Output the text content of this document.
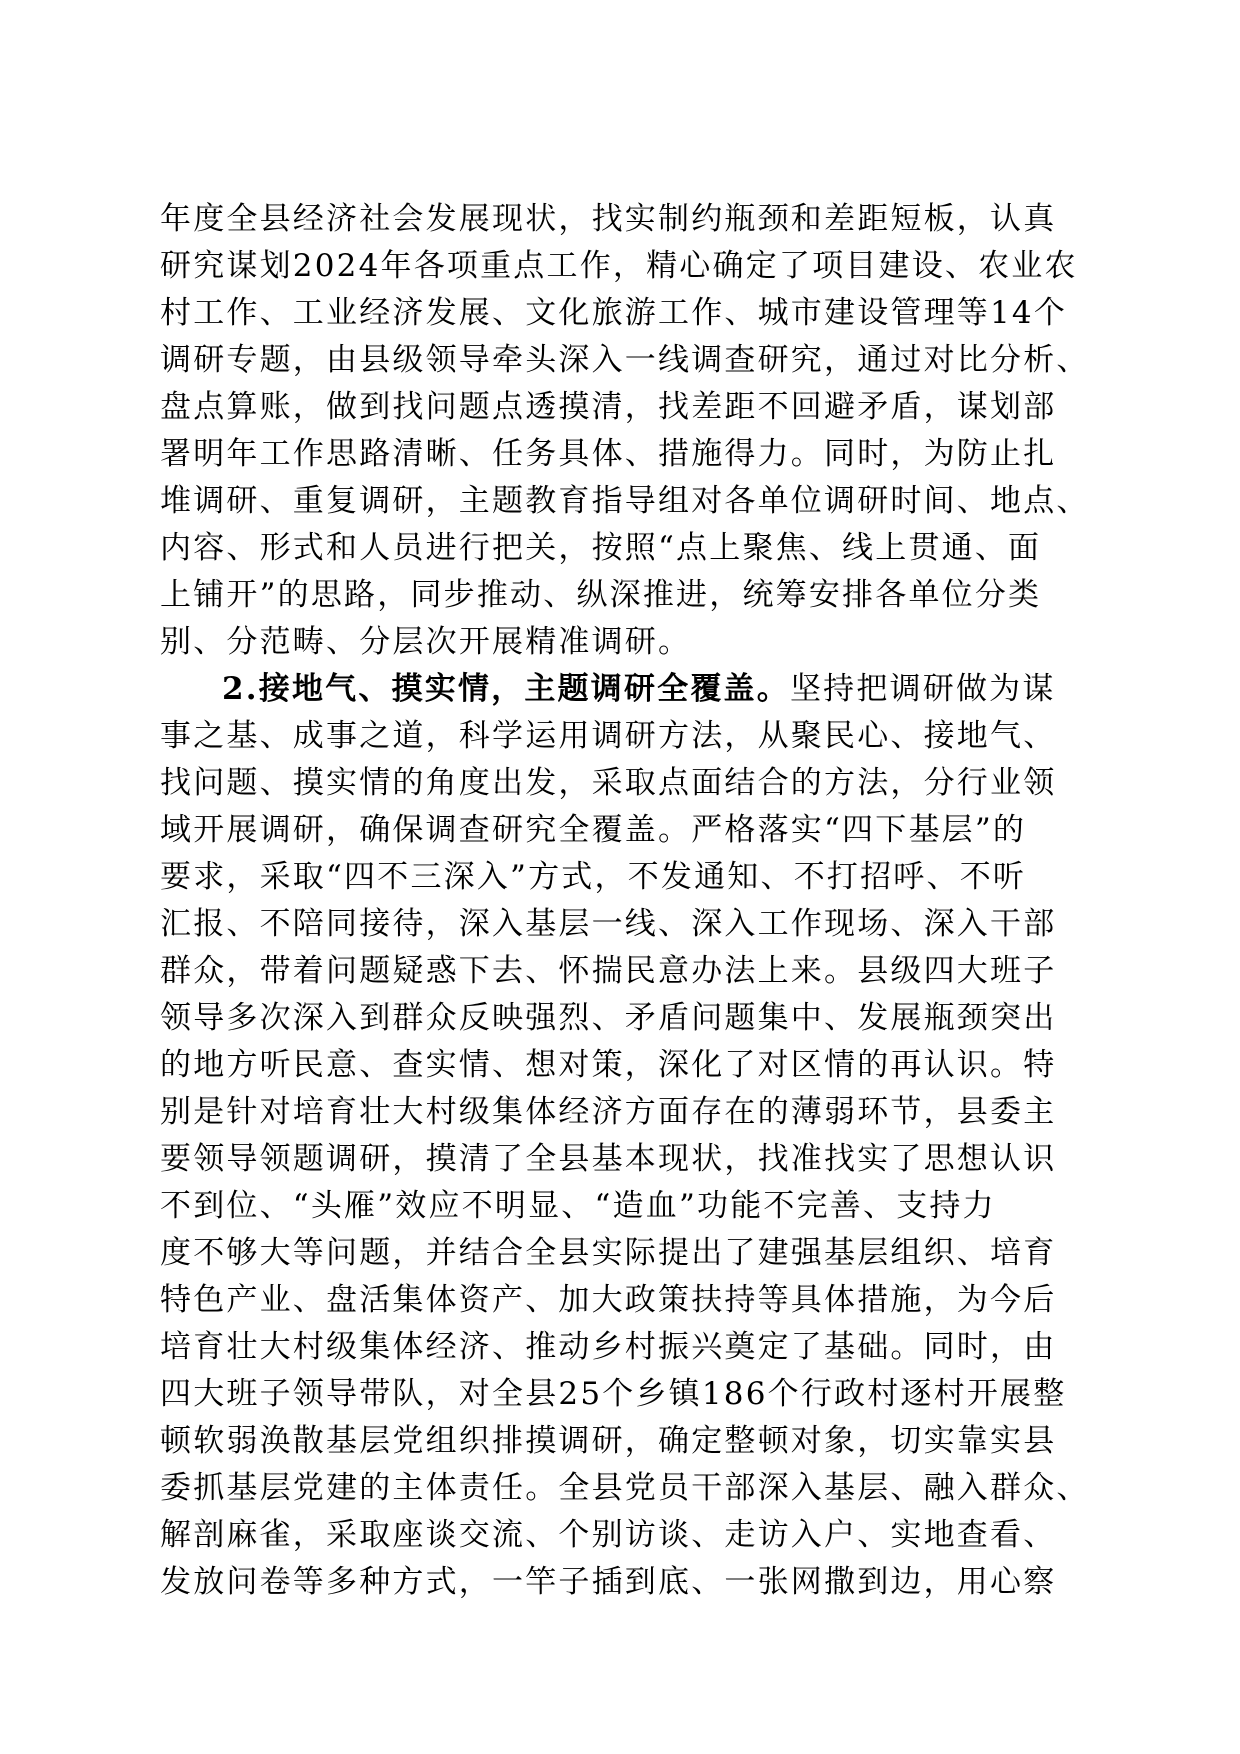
年度全县经济社会发展现状，找实制约瓶颈和差距短板，认真
研究谋划2024年各项重点工作，精心确定了项目建设、农业农
村工作、工业经济发展、文化旅游工作、城市建设管理等14个
调研专题，由县级领导牵头深入一线调查研究，通过对比分析、
盘点算账，做到找问题点透摸清，找差距不回避矛盾，谋划部
署明年工作思路清晰、任务具体、措施得力。同时，为防止扎
堆调研、重复调研，主题教育指导组对各单位调研时间、地点、
内容、形式和人员进行把关，按照“点上聚焦、线上贯通、面
上铺开”的思路，同步推动、纵深推进，统筹安排各单位分类
别、分范畴、分层次开展精准调研。
2.接地气、摸实情，主题调研全覆盖。坚持把调研做为谋
事之基、成事之道，科学运用调研方法，从聚民心、接地气、
找问题、摸实情的角度出发，采取点面结合的方法，分行业领
域开展调研，确保调查研究全覆盖。严格落实“四下基层”的
要求，采取“四不三深入”方式，不发通知、不打招呼、不听
汇报、不陪同接待，深入基层一线、深入工作现场、深入干部
群众，带着问题疑惑下去、怀揣民意办法上来。县级四大班子
领导多次深入到群众反映强烈、矛盾问题集中、发展瓶颈突出
的地方听民意、查实情、想对策，深化了对区情的再认识。特
别是针对培育壮大村级集体经济方面存在的薄弱环节，县委主
要领导领题调研，摸清了全县基本现状，找准找实了思想认识
不到位、“头雁”效应不明显、“造血”功能不完善、支持力
度不够大等问题，并结合全县实际提出了建强基层组织、培育
特色产业、盘活集体资产、加大政策扶持等具体措施，为今后
培育壮大村级集体经济、推动乡村振兴奠定了基础。同时，由
四大班子领导带队，对全县25个乡镇186个行政村逐村开展整
顿软弱涣散基层党组织排摸调研，确定整顿对象，切实靠实县
委抓基层党建的主体责任。全县党员干部深入基层、融入群众、
解剖麻雀，采取座谈交流、个别访谈、走访入户、实地查看、
发放问卷等多种方式，一竿子插到底、一张网撒到边，用心察
